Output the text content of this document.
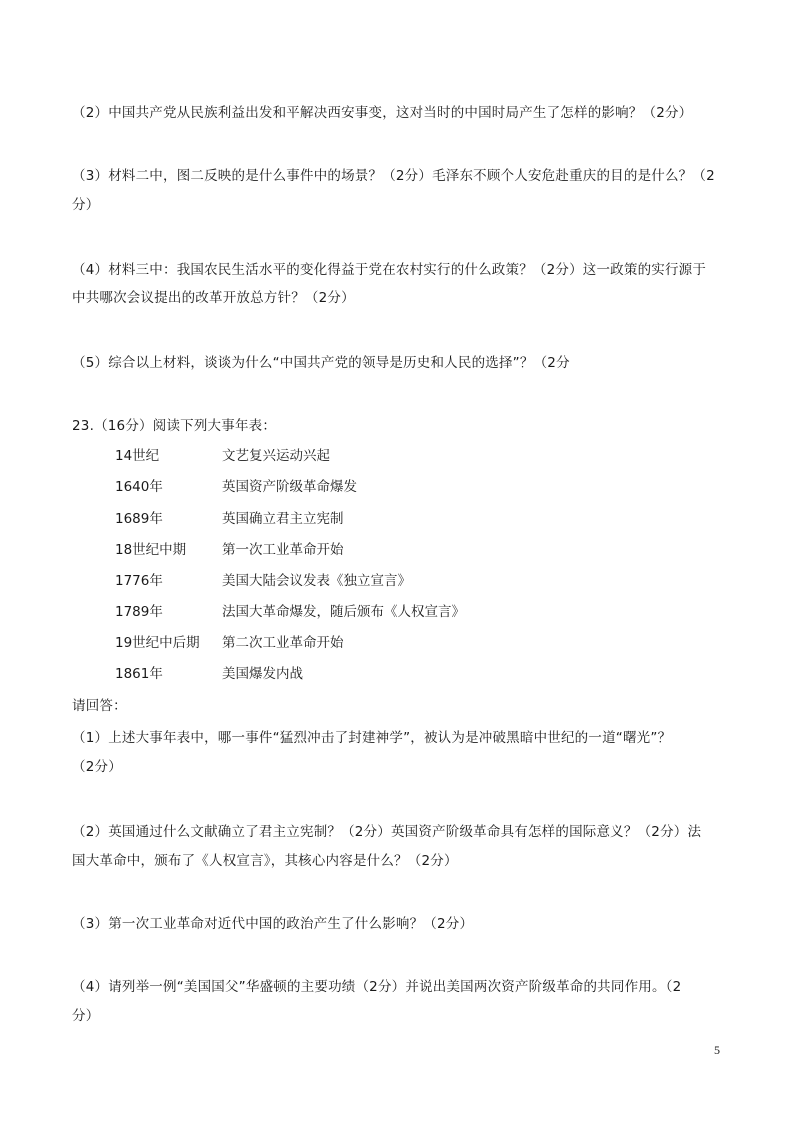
（2）中国共产党从民族利益出发和平解决西安事变，这对当时的中国时局产生了怎样的影响？（2分）
（3）材料二中，图二反映的是什么事件中的场景？（2分）毛泽东不顾个人安危赴重庆的目的是什么？（2
分）
（4）材料三中：我国农民生活水平的变化得益于党在农村实行的什么政策？（2分）这一政策的实行源于
中共哪次会议提出的改革开放总方针？（2分）
（5）综合以上材料，谈谈为什么“中国共产党的领导是历史和人民的选择”？（2分
23.（16分）阅读下列大事年表：
14世纪	文艺复兴运动兴起
1640年	英国资产阶级革命爆发
1689年	英国确立君主立宪制
18世纪中期	第一次工业革命开始
1776年	美国大陆会议发表《独立宣言》
1789年	法国大革命爆发，随后颁布《人权宣言》
19世纪中后期 第二次工业革命开始
1861年	美国爆发内战
请回答：
（1）上述大事年表中，哪一事件“猛烈冲击了封建神学”，被认为是冲破黑暗中世纪的一道“曙光”？
（2分）
（2）英国通过什么文献确立了君主立宪制？（2分）英国资产阶级革命具有怎样的国际意义？（2分）法
国大革命中，颁布了《人权宣言》，其核心内容是什么？（2分）
（3）第一次工业革命对近代中国的政治产生了什么影响？（2分）
（4）请列举一例“美国国父”华盛顿的主要功绩（2分）并说出美国两次资产阶级革命的共同作用。（2
分）
5
